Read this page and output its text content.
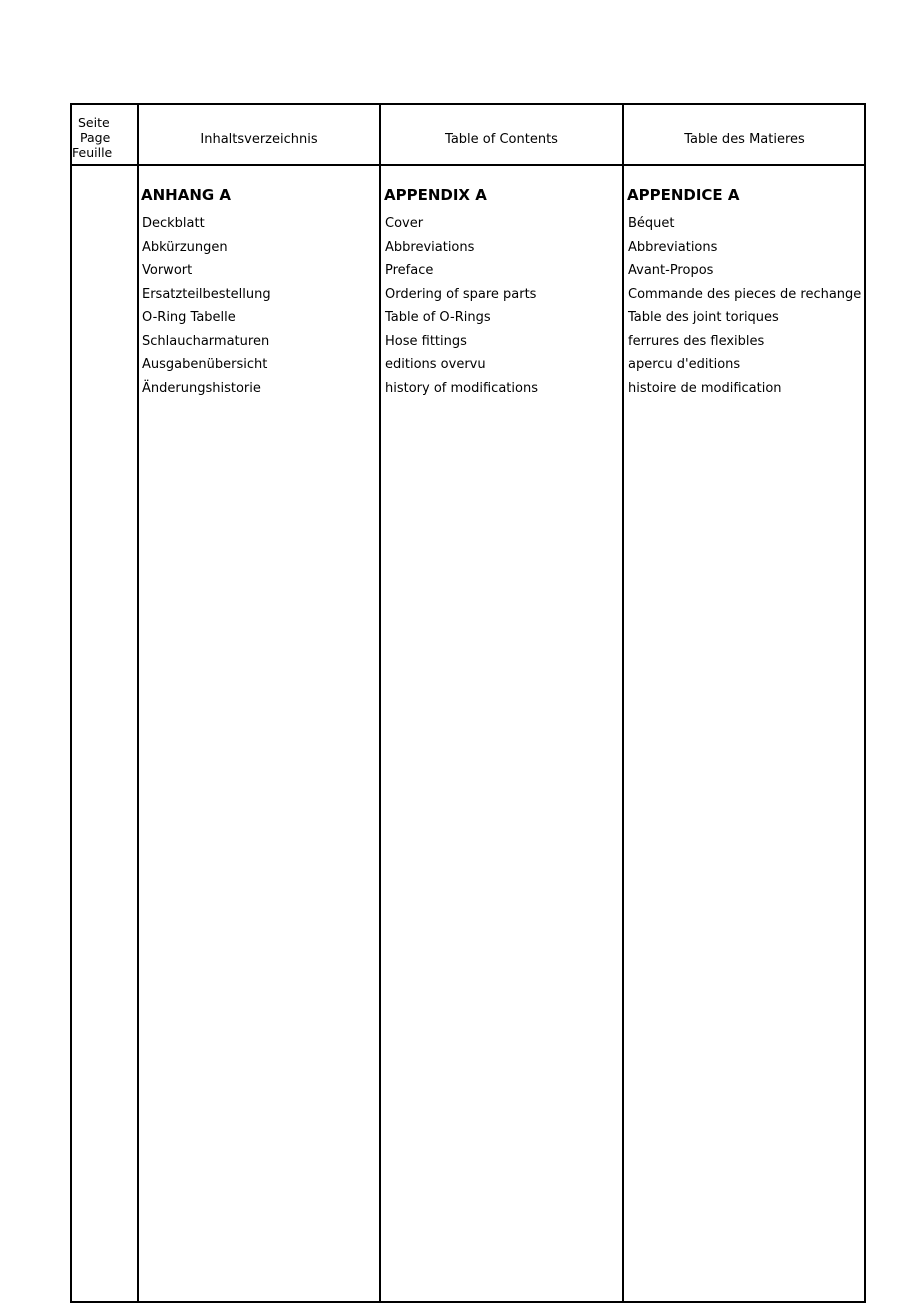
Seite
Page
Feuille
Inhaltsverzeichnis	Table of Contents	Table des Matieres
ANHANG A
Deckblatt
Abkürzungen
Vorwort
Ersatzteilbestellung
O-Ring Tabelle
Schlaucharmaturen
Ausgabenübersicht
Änderungshistorie
APPENDIX A
Cover
Abbreviations
Preface
Ordering of spare parts
Table of O-Rings
Hose fittings
editions overvu
history of modifications
APPENDICE A
Béquet
Abbreviations
Avant-Propos
Commande des pieces de rechange
Table des joint toriques
ferrures des flexibles
apercu d'editions
histoire de modification
